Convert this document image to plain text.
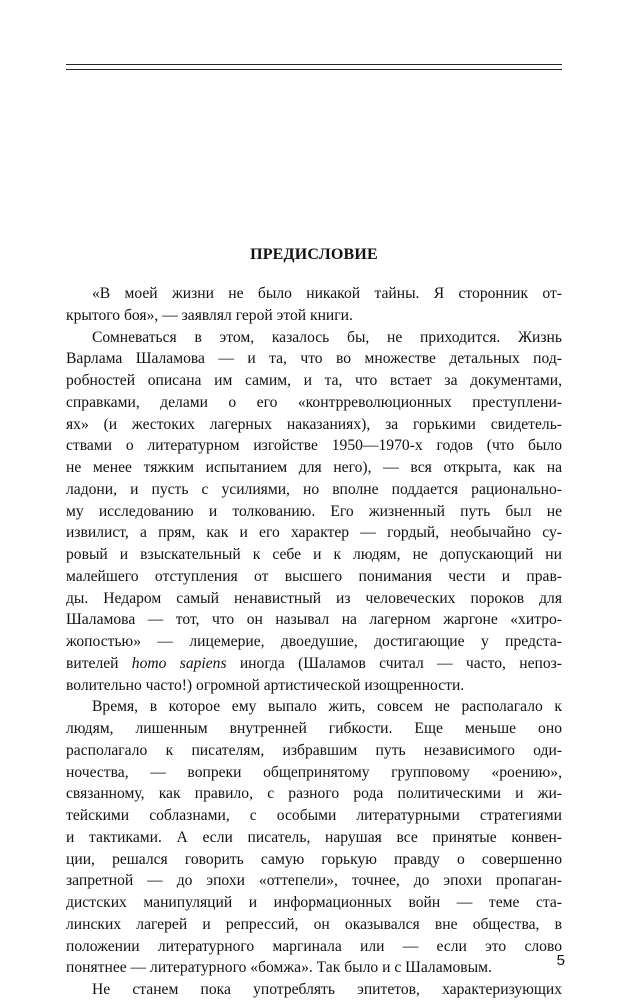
ПРЕДИСЛОВИЕ

«В моей жизни не было никакой тайны. Я сторонник от-
крытого боя», — заявлял герой этой книги.

Сомневаться в этом, казалось бы, не приходится. Жизнь
Варлама Шаламова — и та, что во множестве детальных под-
робностей описана им самим, и та, что встает за документами,
справками, делами о его «контрреволюционных преступлени-
ях» (и жестоких лагерных наказаниях), за горькими свидетель-
ствами о литературном изгойстве 1950—1970-х годов (что было
не менее тяжким испытанием для него), — вся открыта, как на
ладони, и пусть с усилиями, но вполне поддается рационально-
му исследованию и толкованию. Его жизненный путь был не
извилист, а прям, как и его характер — гордый, необычайно су-
ровый и взыскательный к себе и к людям, не допускающий ни
малейшего отступления от высшего понимания чести и прав-
ды. Недаром самый ненавистный из человеческих пороков для
Шаламова — тот, что он называл на лагерном жаргоне «хитро-
жопостью» — лицемерие, двоедушие, достигающие у предста-
вителей homo sapiens иногда (Шаламов считал — часто, непоз-
волительно часто!) огромной артистической изощренности.

Время, в которое ему выпало жить, совсем не располагало к
людям, лишенным внутренней гибкости. Еще меньше оно
располагало к писателям, избравшим путь независимого оди-
ночества, — вопреки общепринятому групповому «роению»,
связанному, как правило, с разного рода политическими и жи-
тейскими соблазнами, с особыми литературными стратегиями
и тактиками. А если писатель, нарушая все принятые конвен-
ции, решался говорить самую горькую правду о совершенно
запретной — до эпохи «оттепели», точнее, до эпохи пропаган-
дистских манипуляций и информационных войн — теме ста-
линских лагерей и репрессий, он оказывался вне общества, в
положении литературного маргинала или — если это слово
понятнее — литературного «бомжа». Так было и с Шаламовым.

Не станем пока употреблять эпитетов, характеризующих

5
